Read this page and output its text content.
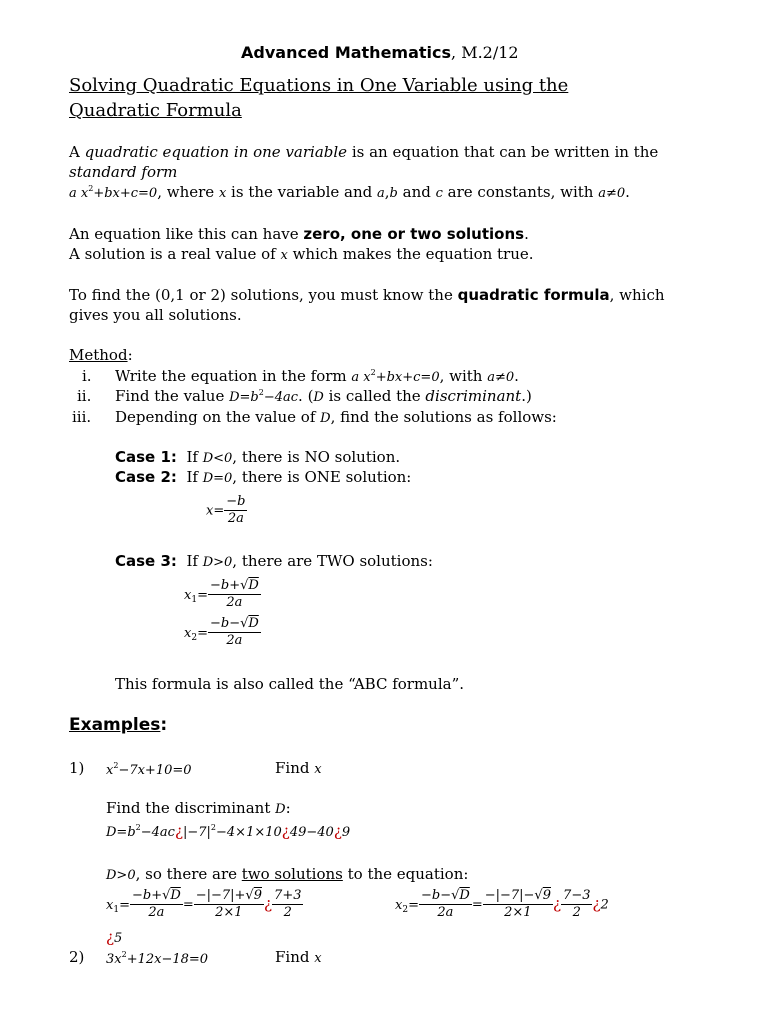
Advanced Mathematics, M.2/12
Solving Quadratic Equations in One Variable using the
Quadratic Formula
A quadratic equation in one variable is an equation that can be written in the
standard form
a $x^2+bx+c=0$, where x is the variable and a,b and c are constants, with a≠0.
An equation like this can have zero, one or two solutions.
A solution is a real value of x which makes the equation true.
To find the (0,1 or 2) solutions, you must know the quadratic formula, which
gives you all solutions.
Method:
i. Write the equation in the form a $x^2+bx+c=0$, with a≠0.
ii. Find the value $D=b^2-4ac$. (D is called the discriminant.)
iii. Depending on the value of D, find the solutions as follows:
Case 1: If D<0, there is NO solution.
Case 2: If D=0, there is ONE solution:
$x= \frac{-b}{2a}$
Case 3: If D>0, there are TWO solutions:
$x_1= \frac{-b+√D}{2a}$
$x_2= \frac{-b-√D}{2a}$
This formula is also called the “ABC formula”.
Examples:
1) $x^2-7x+10=0$	Find x
Find the discriminant D:
$D=b^2-4ac¿|-7|^2-4\times 1\times 10¿49-40¿9$
D>0, so there are two solutions to the equation:
$x_1= \frac{-b+√D}{2a} = \frac{-|-7|+√9}{2\times 1}$ ¿ $\frac{7+3}{2}$
¿5
$x_2= \frac{-b-√D}{2a} = \frac{-|-7|-√9}{2\times 1}$ ¿ $\frac{7-3}{2}$ ¿2
2) $3x^2+12x-18=0$	Find x
